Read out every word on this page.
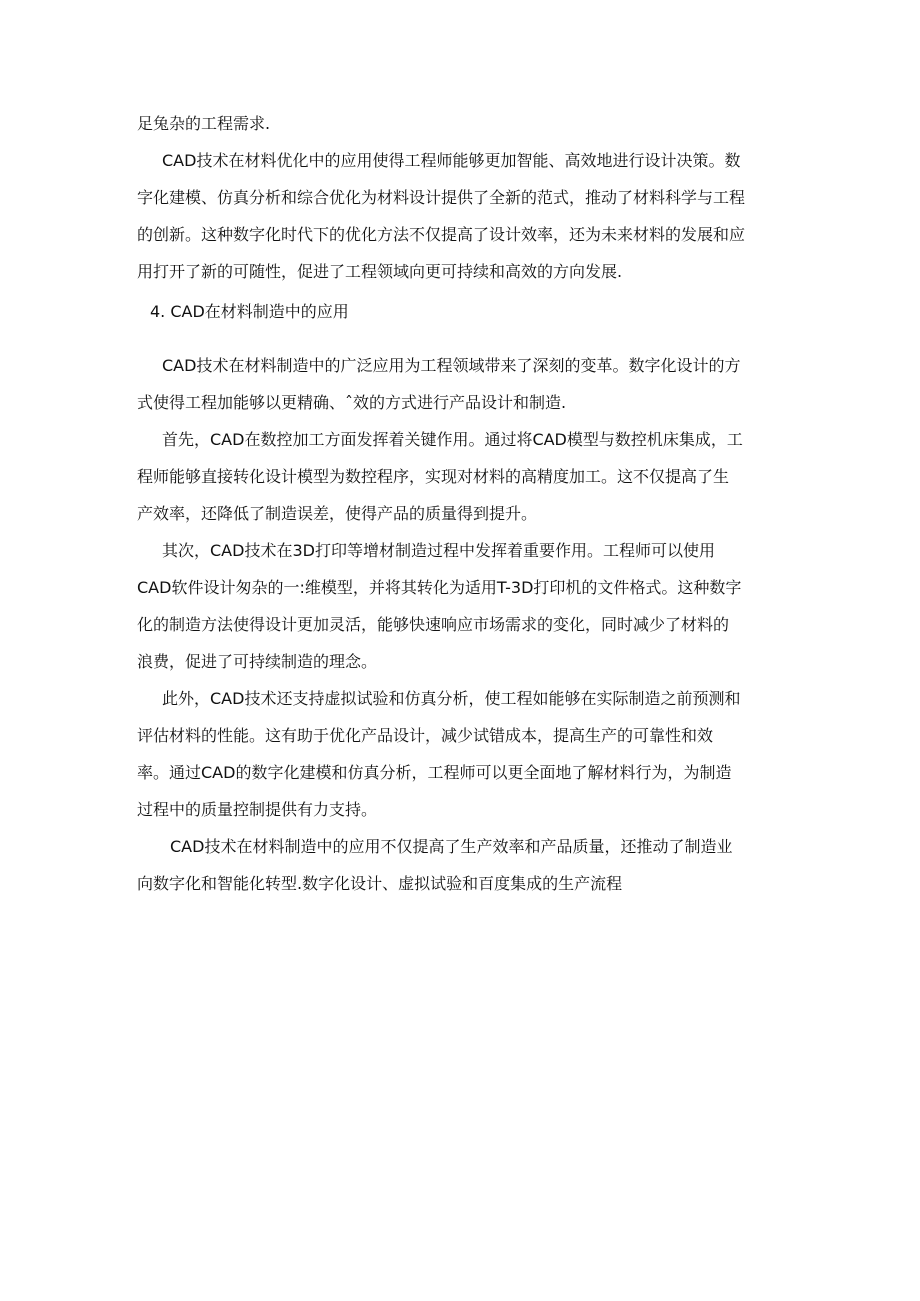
足兔杂的工程需求.
CAD技术在材料优化中的应用使得工程师能够更加智能、高效地进行设计决策。数
字化建模、仿真分析和综合优化为材料设计提供了全新的范式，推动了材料科学与工程
的创新。这种数字化时代下的优化方法不仅提高了设计效率，还为未来材料的发展和应
用打开了新的可随性，促进了工程领域向更可持续和高效的方向发展.
4. CAD在材料制造中的应用
CAD技术在材料制造中的广泛应用为工程领域带来了深刻的变革。数字化设计的方
式使得工程加能够以更精确、ˆ效的方式进行产品设计和制造.
首先，CAD在数控加工方面发挥着关键作用。通过将CAD模型与数控机床集成，工
程师能够直接转化设计模型为数控程序，实现对材料的高精度加工。这不仅提高了生
产效率，还降低了制造误差，使得产品的质量得到提升。
其次，CAD技术在3D打印等增材制造过程中发挥着重要作用。工程师可以使用
CAD软件设计匆杂的一:维模型，并将其转化为适用T-3D打印机的文件格式。这种数字
化的制造方法使得设计更加灵活，能够快速响应市场需求的变化，同时减少了材料的
浪费，促进了可持续制造的理念。
此外，CAD技术还支持虚拟试验和仿真分析，使工程如能够在实际制造之前预测和
评估材料的性能。这有助于优化产品设计，减少试错成本，提高生产的可靠性和效
率。通过CAD的数字化建模和仿真分析，工程师可以更全面地了解材料行为，为制造
过程中的质量控制提供有力支持。
CAD技术在材料制造中的应用不仅提高了生产效率和产品质量，还推动了制造业
向数字化和智能化转型.数字化设计、虚拟试验和百度集成的生产流程
